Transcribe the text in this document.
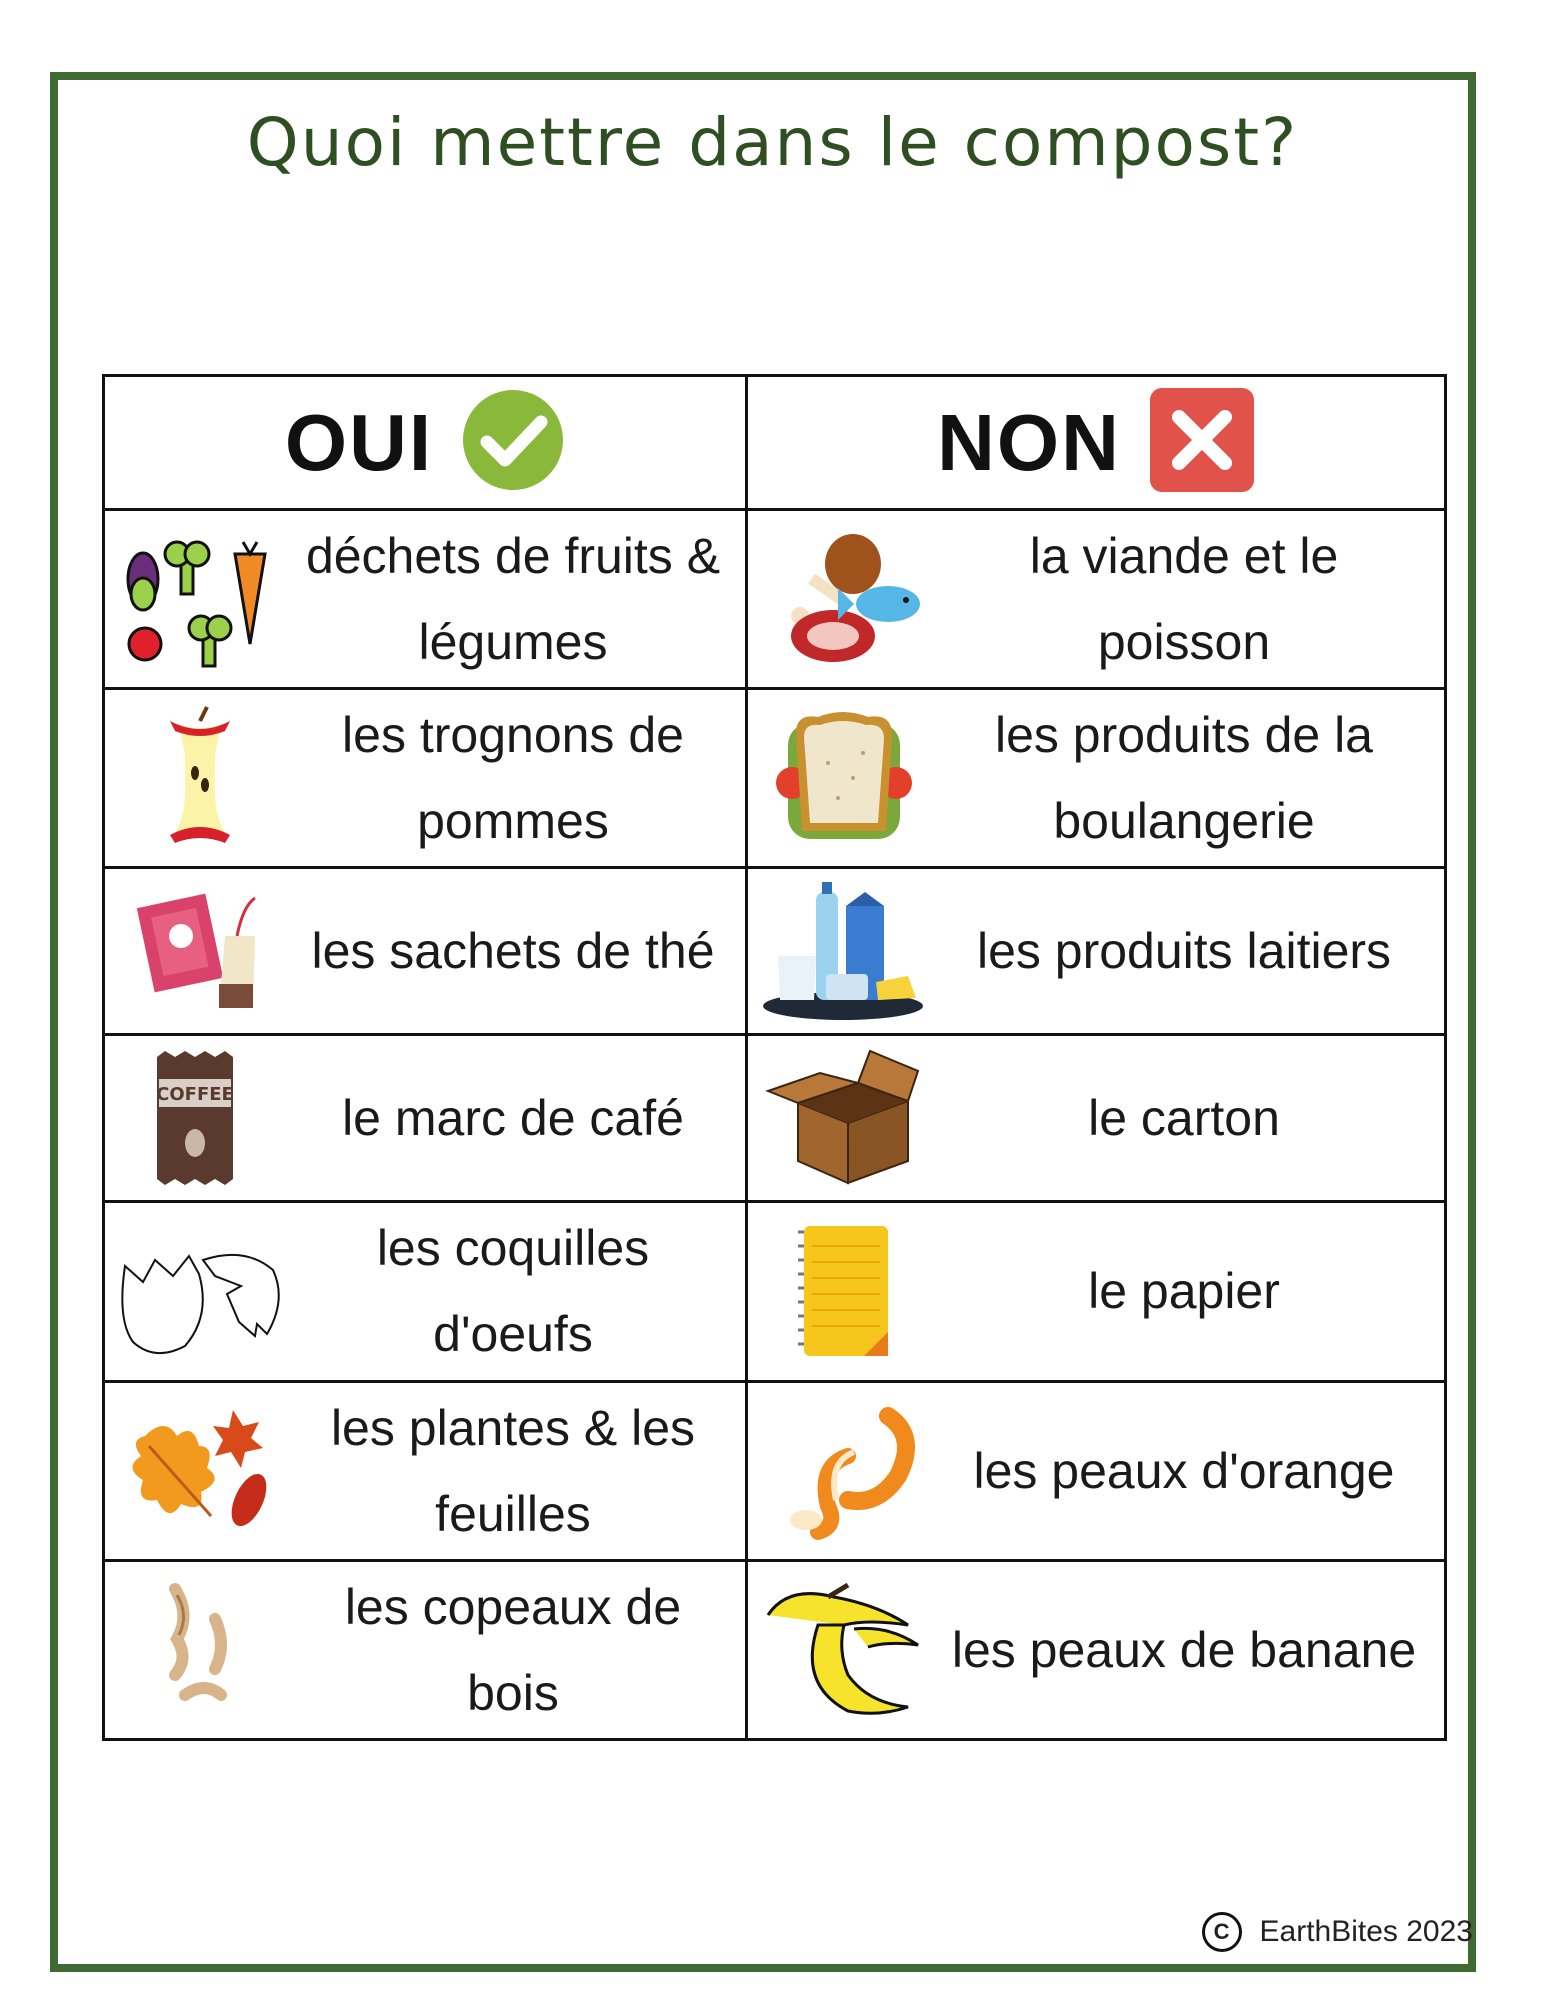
Quoi mettre dans le compost?
OUI	NON

déchets de fruits & légumes	la viande et le poisson

les trognons de pommes	les produits de la boulangerie

les sachets de thé	les produits laitiers

COFFEE le marc de café	le carton

les coquilles d'oeufs	le papier

les plantes & les feuilles	les peaux d'orange

les copeaux de bois	les peaux de banane
C	EarthBites 2023
